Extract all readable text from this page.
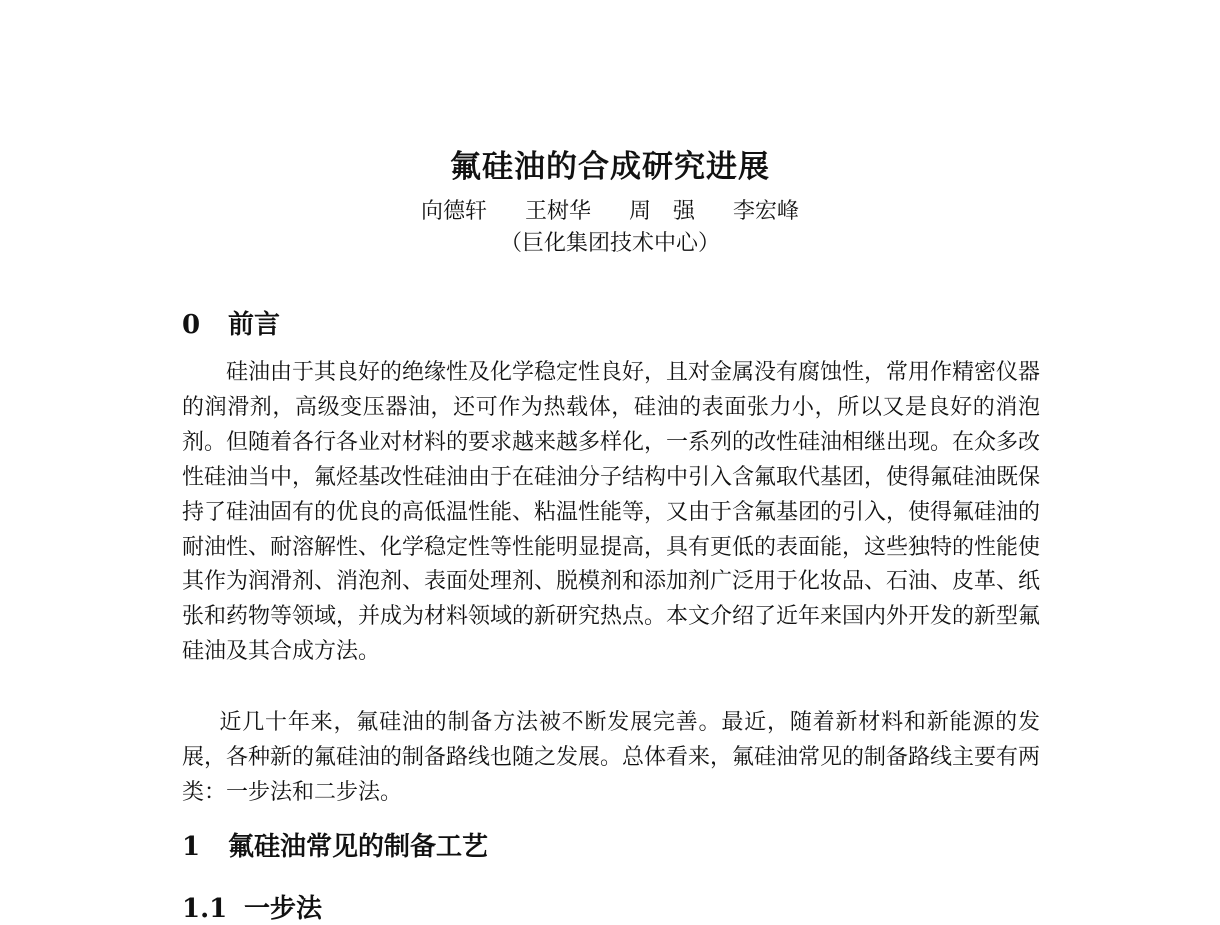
氟硅油的合成研究进展
向德轩 王树华 周　强 李宏峰
（巨化集团技术中心）
0 前言
硅油由于其良好的绝缘性及化学稳定性良好，且对金属没有腐蚀性，常用作精密仪器的润滑剂，高级变压器油，还可作为热载体，硅油的表面张力小，所以又是良好的消泡剂。但随着各行各业对材料的要求越来越多样化，一系列的改性硅油相继出现。在众多改性硅油当中，氟烃基改性硅油由于在硅油分子结构中引入含氟取代基团，使得氟硅油既保持了硅油固有的优良的高低温性能、粘温性能等，又由于含氟基团的引入，使得氟硅油的耐油性、耐溶解性、化学稳定性等性能明显提高，具有更低的表面能，这些独特的性能使其作为润滑剂、消泡剂、表面处理剂、脱模剂和添加剂广泛用于化妆品、石油、皮革、纸张和药物等领域，并成为材料领域的新研究热点。本文介绍了近年来国内外开发的新型氟硅油及其合成方法。
近几十年来，氟硅油的制备方法被不断发展完善。最近，随着新材料和新能源的发展，各种新的氟硅油的制备路线也随之发展。总体看来，氟硅油常见的制备路线主要有两类：一步法和二步法。
1 氟硅油常见的制备工艺
1.1 一步法
